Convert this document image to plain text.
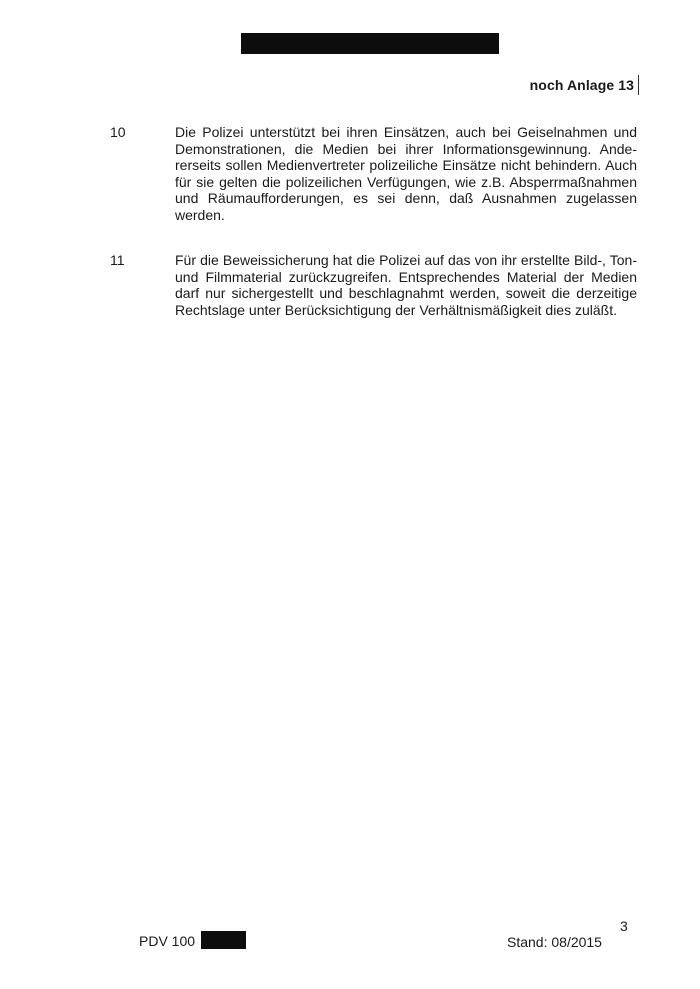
noch Anlage 13
10	Die Polizei unterstützt bei ihren Einsätzen, auch bei Geiselnahmen und Demonstrationen, die Medien bei ihrer Informationsgewinnung. Andererseits sollen Medienvertreter polizeiliche Einsätze nicht behindern. Auch für sie gelten die polizeilichen Verfügungen, wie z.B. Absperrmaßnahmen und Räumaufforderungen, es sei denn, daß Ausnahmen zugelassen werden.
11	Für die Beweissicherung hat die Polizei auf das von ihr erstellte Bild-, Ton- und Filmmaterial zurückzugreifen. Entsprechendes Material der Medien darf nur sichergestellt und beschlagnahmt werden, soweit die derzeitige Rechtslage unter Berücksichtigung der Verhältnismäßigkeit dies zuläßt.
PDV 100
3
Stand: 08/2015
